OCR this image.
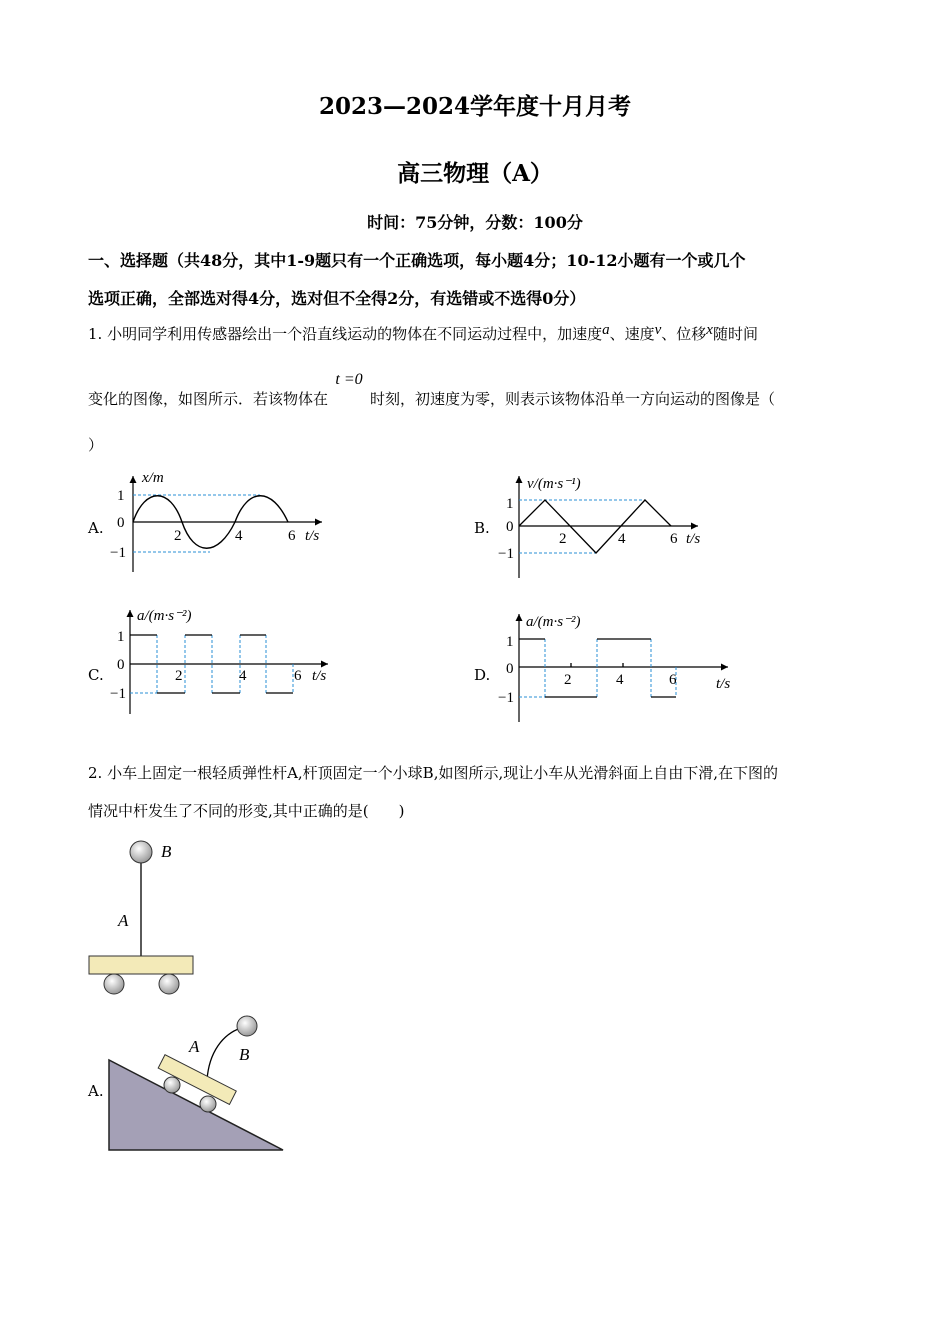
2023—2024学年度十月月考
高三物理（A）
时间：75分钟，分数：100分
一、选择题（共48分，其中1-9题只有一个正确选项，每小题4分；10-12小题有一个或几个
选项正确，全部选对得4分，选对但不全得2分，有选错或不选得0分）
1. 小明同学利用传感器绘出一个沿直线运动的物体在不同运动过程中，加速度a、速度v、位移x随时间
变化的图像，如图所示．若该物体在t =0时刻，初速度为零，则表示该物体沿单一方向运动的图像是（
）
A.	B.
C.	D.
x/m
1
0
−1
2	4	6 t/s
v/(m·s⁻¹)
1
0
−1
2	4	6 t/s
a/(m·s⁻²)
1
0
−1
2	4	6 t/s
a/(m·s⁻²)
1
0
−1
2	4	6	t/s
2. 小车上固定一根轻质弹性杆A,杆顶固定一个小球B,如图所示,现让小车从光滑斜面上自由下滑,在下图的
情况中杆发生了不同的形变,其中正确的是(　　)
B
A
A.
A B
